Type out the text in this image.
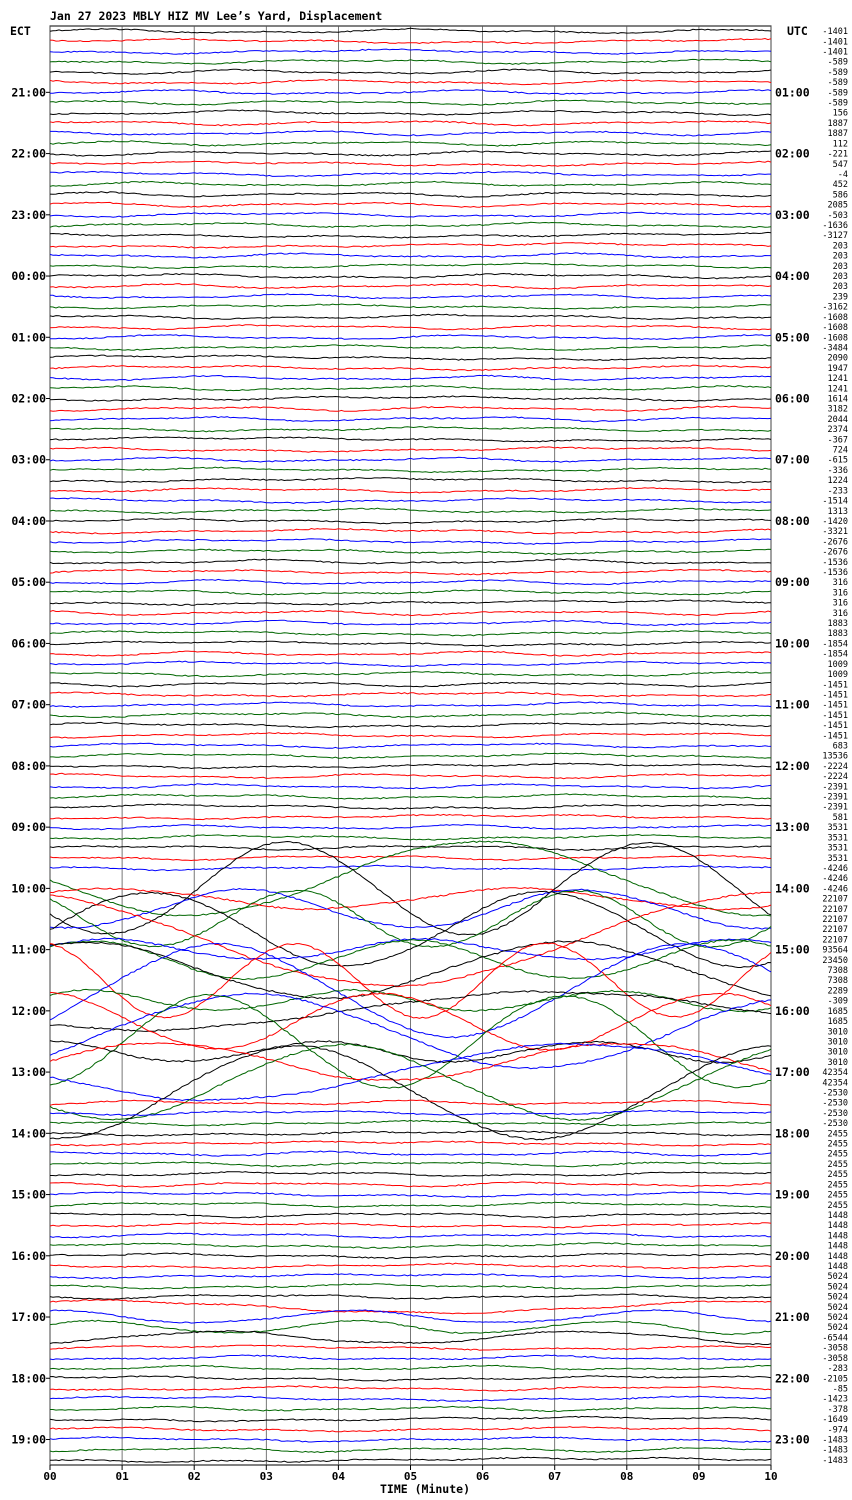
Jan 27 2023 MBLY HIZ MV Lee’s Yard, Displacement
ECT	UTC
TIME (Minute)
00	01	02	03	04	05	06	07	08	09	10
21:00
22:00
23:00
00:00
01:00
02:00
03:00
04:00
05:00
06:00
07:00
08:00
09:00
10:00
11:00
12:00
13:00
14:00
15:00
16:00
17:00
18:00
19:00
01:00
02:00
03:00
04:00
05:00
06:00
07:00
08:00
09:00
10:00
11:00
12:00
13:00
14:00
15:00
16:00
17:00
18:00
19:00
20:00
21:00
22:00
23:00
-1401
-1401
-1401
-589
-589
-589
-589
-589
156
1887
1887
112
-221
547
-4
452
586
2085
-503
-1636
-3127
203
203
203
203
203
239
-3162
-1608
-1608
-1608
-3484
2090
1947
1241
1241
1614
3182
2044
2374
-367
724
-615
-336
1224
-233
-1514
1313
-1420
-3321
-2676
-2676
-1536
-1536
316
316
316
316
1883
1883
-1854
-1854
1009
1009
-1451
-1451
-1451
-1451
-1451
-1451
683
13536
-2224
-2224
-2391
-2391
-2391
581
3531
3531
3531
3531
-4246
-4246
-4246
22107
22107
22107
22107
22107
93564
23450
7308
7308
2289
-309
1685
1685
3010
3010
3010
3010
42354
42354
-2530
-2530
-2530
-2530
2455
2455
2455
2455
2455
2455
2455
2455
1448
1448
1448
1448
1448
1448
5024
5024
5024
5024
5024
5024
-6544
-3058
-3058
-283
-2105
-85
-1423
-378
-1649
-974
-1483
-1483
-1483
